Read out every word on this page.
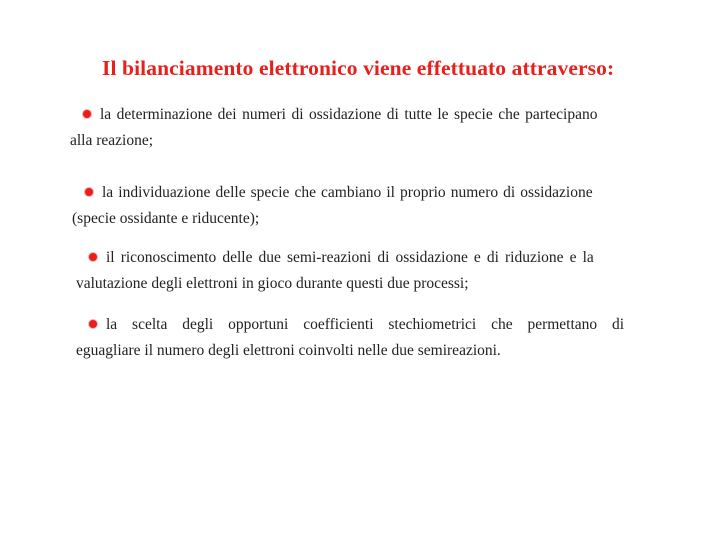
Il bilanciamento elettronico viene effettuato attraverso:
la determinazione dei numeri di ossidazione di tutte le specie che partecipano
alla reazione;
la individuazione delle specie che cambiano il proprio numero di ossidazione
(specie ossidante e riducente);
il riconoscimento delle due semi-reazioni di ossidazione e di riduzione e la
valutazione degli elettroni in gioco durante questi due processi;
la scelta degli opportuni coefficienti stechiometrici che permettano di
eguagliare il numero degli elettroni coinvolti nelle due semireazioni.
